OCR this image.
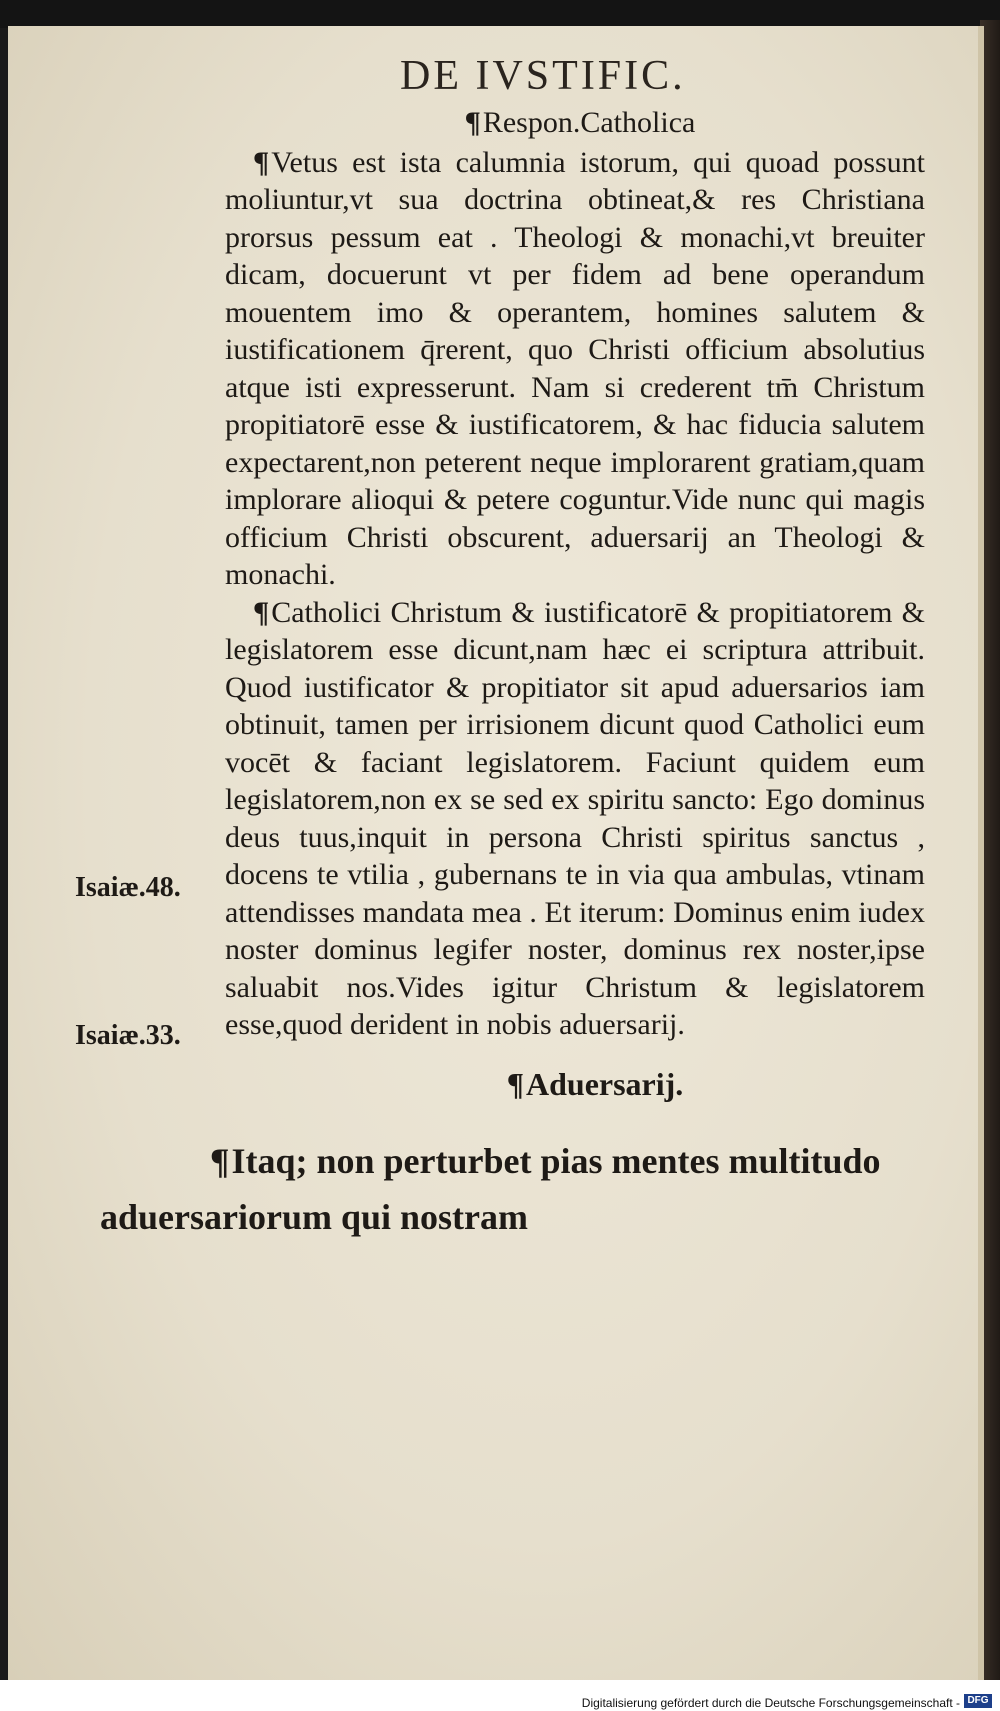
DE IVSTIFIC.
¶Respon.Catholica

¶Vetus est ista calumnia istorum, qui quoad possunt moliuntur,vt sua doctrina obtineat,& res Christiana prorsus pessum eat . Theologi & monachi,vt breuiter dicam, docuerunt vt per fidem ad bene operandum mouentem imo & operantem, homines salutem & iustificationem q̄rerent, quo Christi officium absolutius atque isti expresserunt. Nam si crederent tm̄ Christum propitiatorē esse & iustificatorem, & hac fiducia salutem expectarent,non peterent neque implorarent gratiam,quam implorare alioqui & petere coguntur.Vide nunc qui magis officium Christi obscurent, aduersarij an Theologi & monachi.

¶Catholici Christum & iustificatorē & propitiatorem & legislatorem esse dicunt,nam hæc ei scriptura attribuit. Quod iustificator & propitiator sit apud aduersarios iam obtinuit, tamen per irrisionem dicunt quod Catholici eum vocēt & faciant legislatorem. Faciunt quidem eum legislatorem,non ex se sed ex spiritu sancto: Ego dominus deus tuus,inquit in persona Christi spiritus sanctus , docens te vtilia , gubernans te in via qua ambulas, vtinam attendisses mandata mea . Et iterum: Dominus enim iudex noster dominus legifer noster, dominus rex noster,ipse saluabit nos.Vides igitur Christum & legislatorem esse,quod derident in nobis aduersarij.

¶Aduersarij.

¶Itaq; non perturbet pias mentes multitudo aduersariorum qui nostram

Isaiæ.48.
Isaiæ.33.
Digitalisierung gefördert durch die Deutsche Forschungsgemeinschaft - DFG
